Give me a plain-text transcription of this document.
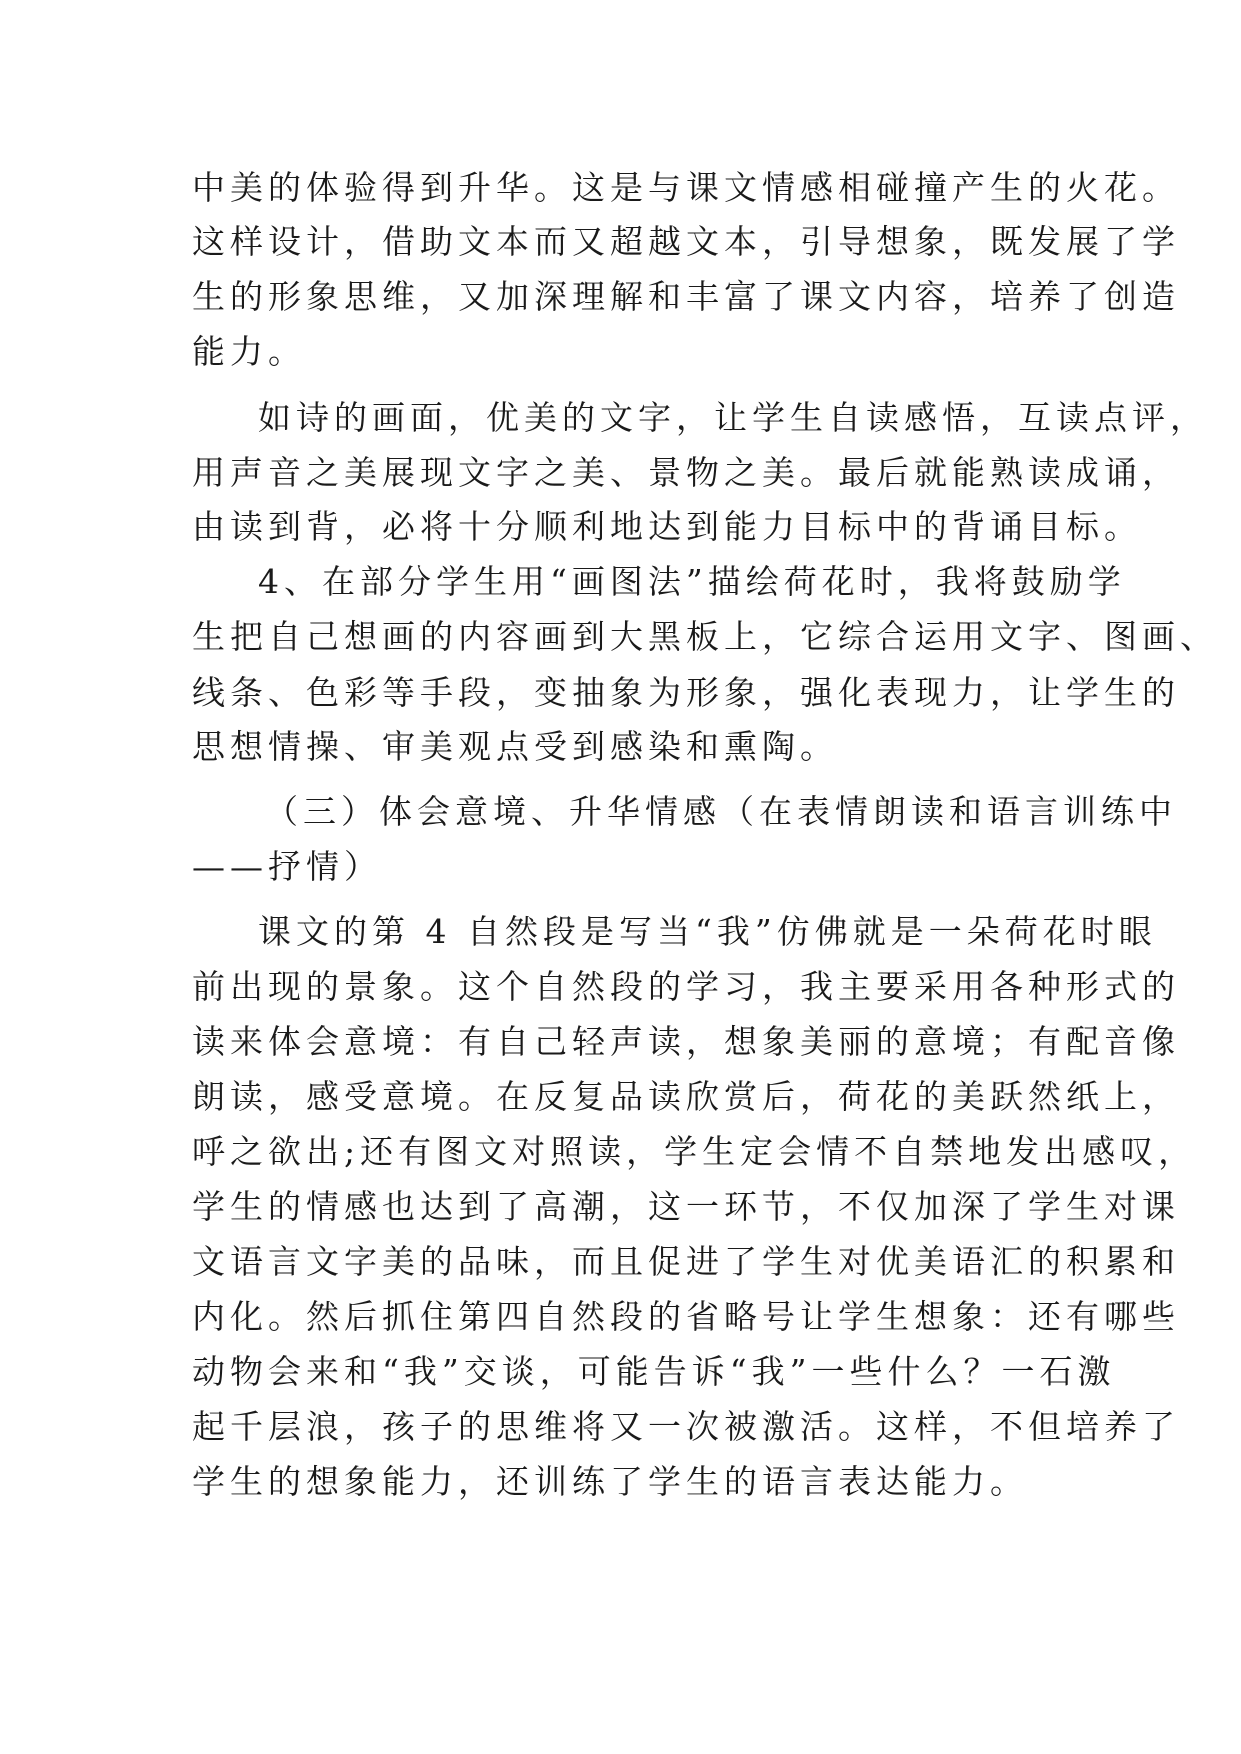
中美的体验得到升华。这是与课文情感相碰撞产生的火花。
这样设计，借助文本而又超越文本，引导想象，既发展了学
生的形象思维，又加深理解和丰富了课文内容，培养了创造
能力。
如诗的画面，优美的文字，让学生自读感悟，互读点评，
用声音之美展现文字之美、景物之美。最后就能熟读成诵，
由读到背，必将十分顺利地达到能力目标中的背诵目标。
4、在部分学生用“画图法”描绘荷花时，我将鼓励学
生把自己想画的内容画到大黑板上，它综合运用文字、图画、
线条、色彩等手段，变抽象为形象，强化表现力，让学生的
思想情操、审美观点受到感染和熏陶。
（三）体会意境、升华情感（在表情朗读和语言训练中
——抒情）
课文的第 4 自然段是写当“我”仿佛就是一朵荷花时眼
前出现的景象。这个自然段的学习，我主要采用各种形式的
读来体会意境：有自己轻声读，想象美丽的意境；有配音像
朗读，感受意境。在反复品读欣赏后，荷花的美跃然纸上，
呼之欲出;还有图文对照读，学生定会情不自禁地发出感叹，
学生的情感也达到了高潮，这一环节，不仅加深了学生对课
文语言文字美的品味，而且促进了学生对优美语汇的积累和
内化。然后抓住第四自然段的省略号让学生想象：还有哪些
动物会来和“我”交谈，可能告诉“我”一些什么？一石激
起千层浪，孩子的思维将又一次被激活。这样，不但培养了
学生的想象能力，还训练了学生的语言表达能力。
